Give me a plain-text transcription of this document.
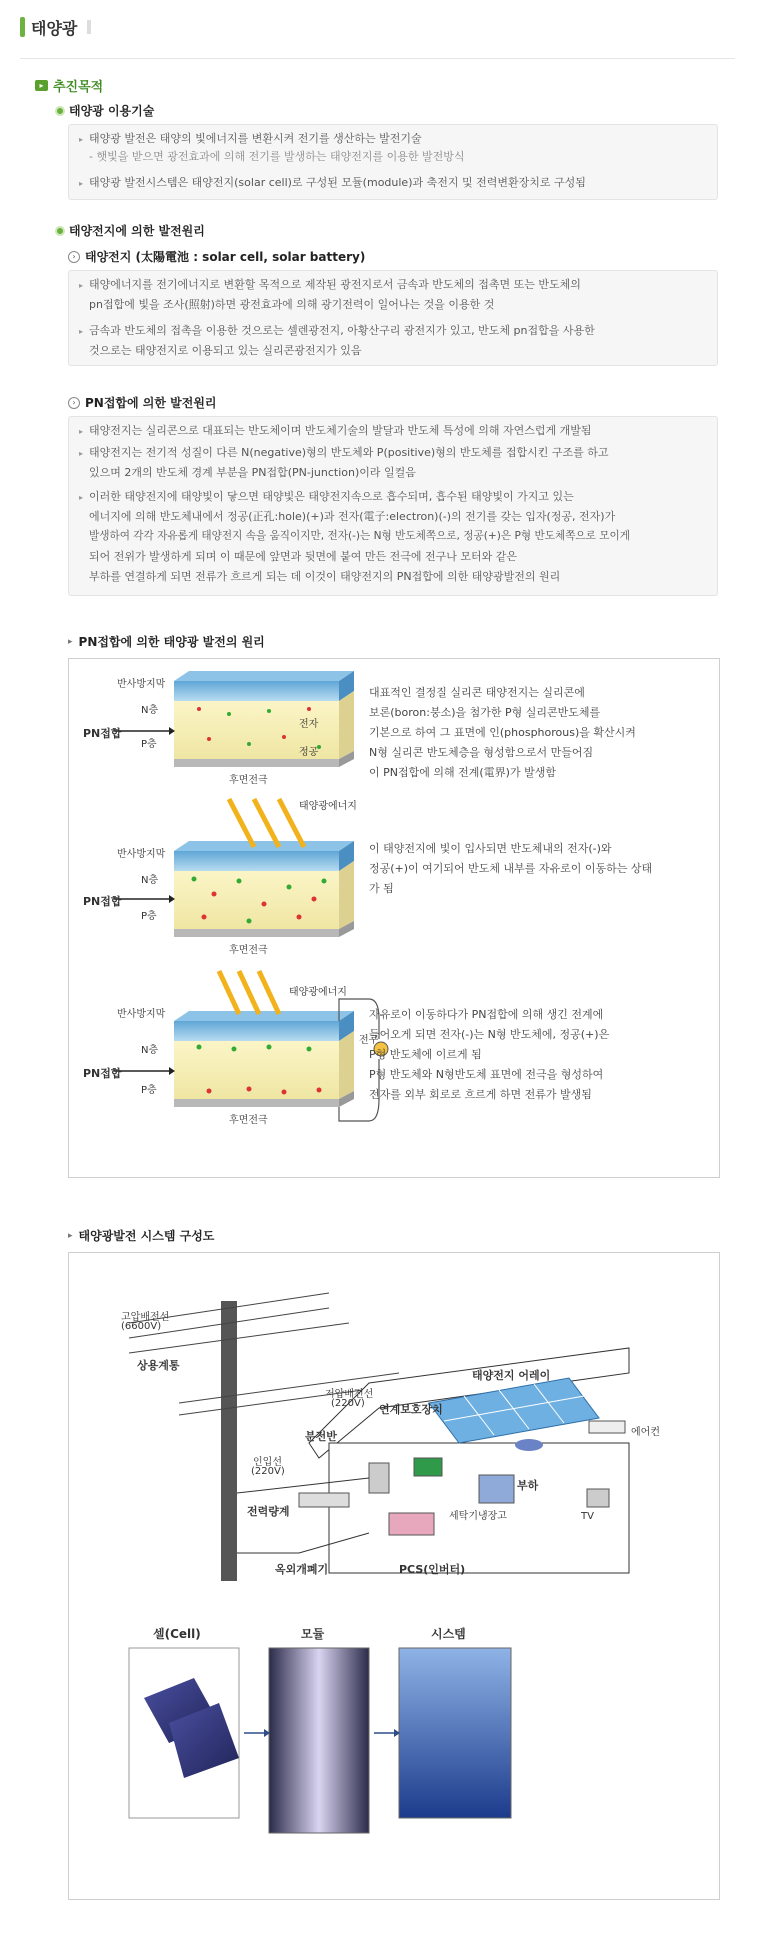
태양광
▸ 추진목적
태양광 이용기술
▸ 태양광 발전은 태양의 빛에너지를 변환시켜 전기를 생산하는 발전기술
- 햇빛을 받으면 광전효과에 의해 전기를 발생하는 태양전지를 이용한 발전방식
▸ 태양광 발전시스템은 태양전지(solar cell)로 구성된 모듈(module)과 축전지 및 전력변환장치로 구성됨
태양전지에 의한 발전원리
› 태양전지 (太陽電池 : solar cell, solar battery)
▸ 태양에너지를 전기에너지로 변환할 목적으로 제작된 광전지로서 금속과 반도체의 접촉면 또는 반도체의
pn접합에 빛을 조사(照射)하면 광전효과에 의해 광기전력이 일어나는 것을 이용한 것
▸ 금속과 반도체의 접촉을 이용한 것으로는 셀렌광전지, 아황산구리 광전지가 있고, 반도체 pn접합을 사용한
것으로는 태양전지로 이용되고 있는 실리콘광전지가 있음
› PN접합에 의한 발전원리
▸ 태양전지는 실리콘으로 대표되는 반도체이며 반도체기술의 발달과 반도체 특성에 의해 자연스럽게 개발됨
▸ 태양전지는 전기적 성질이 다른 N(negative)형의 반도체와 P(positive)형의 반도체를 접합시킨 구조를 하고
있으며 2개의 반도체 경계 부분을 PN접합(PN-junction)이라 일컬음
▸ 이러한 태양전지에 태양빛이 닿으면 태양빛은 태양전지속으로 흡수되며, 흡수된 태양빛이 가지고 있는
에너지에 의해 반도체내에서 정공(正孔:hole)(+)과 전자(電子:electron)(-)의 전기를 갖는 입자(정공, 전자)가
발생하여 각각 자유롭게 태양전지 속을 움직이지만, 전자(-)는 N형 반도체쪽으로, 정공(+)은 P형 반도체쪽으로 모이게
되어 전위가 발생하게 되며 이 때문에 앞면과 뒷면에 붙여 만든 전극에 전구나 모터와 같은
부하를 연결하게 되면 전류가 흐르게 되는 데 이것이 태양전지의 PN접합에 의한 태양광발전의 원리
▸ PN접합에 의한 태양광 발전의 원리
반사방지막
N층
PN접합
P층
전자
정공
후면전극
반사방지막
태양광에너지
N층
PN접합
P층
후면전극
반사방지막
태양광에너지
N층
PN접합
P층
전구
후면전극
대표적인 결정질 실리콘 태양전지는 실리콘에
보론(boron:붕소)을 첨가한 P형 실리콘반도체를
기본으로 하여 그 표면에 인(phosphorous)을 확산시켜
N형 실리콘 반도체층을 형성함으로서 만들어짐
이 PN접합에 의해 전계(電界)가 발생함
이 태양전지에 빛이 입사되면 반도체내의 전자(-)와
정공(+)이 여기되어 반도체 내부를 자유로이 이동하는 상태
가 됨
자유로이 이동하다가 PN접합에 의해 생긴 전계에
들어오게 되면 전자(-)는 N형 반도체에, 정공(+)은
P형 반도체에 이르게 됨
P형 반도체와 N형반도체 표면에 전극을 형성하여
전자를 외부 회로로 흐르게 하면 전류가 발생됨
▸ 태양광발전 시스템 구성도
고압배전선
(6600V)
상용계통
저압배전선
(220V) 연계보호장치
태양전지 어레이
분전반
인입선
(220V)
에어컨
전력량계
부하
세탁기냉장고	TV
옥외개폐기	PCS(인버터)
셀(Cell)	모듈	시스템
